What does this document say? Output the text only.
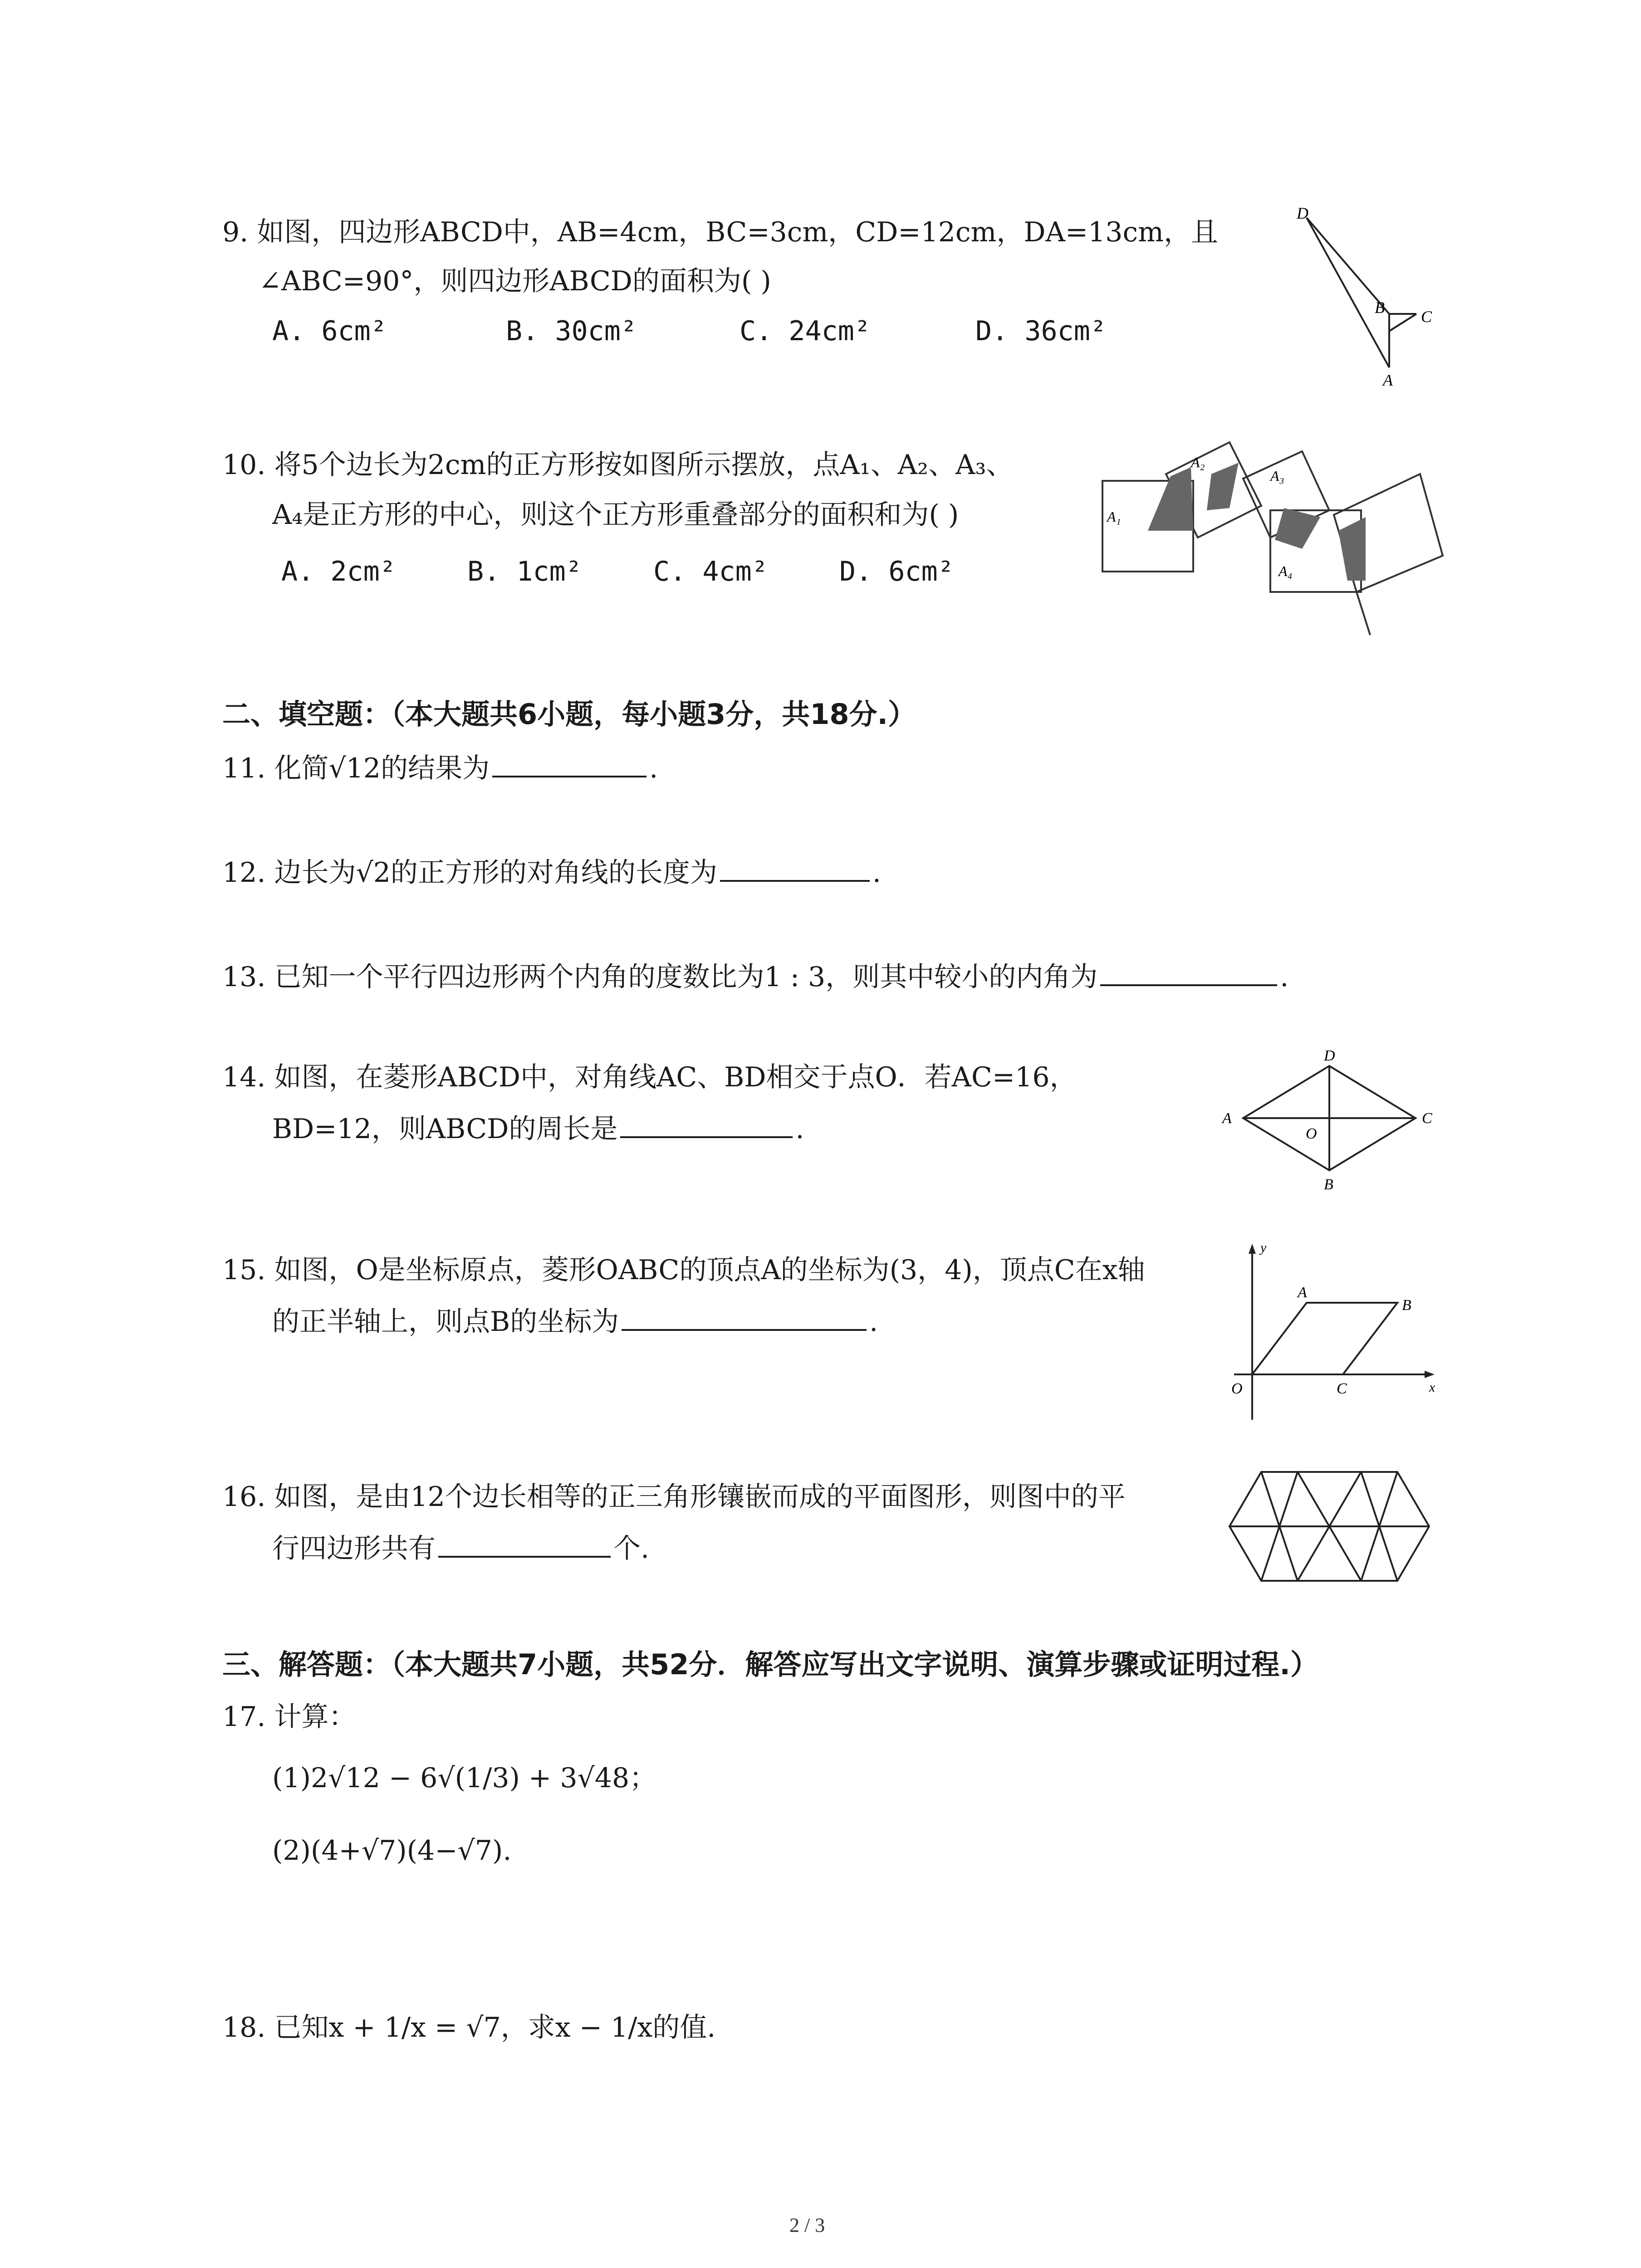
9. 如图，四边形ABCD中，AB=4cm，BC=3cm，CD=12cm，DA=13cm，且
∠ABC=90°，则四边形ABCD的面积为( )
A. 6cm²	B. 30cm²	C. 24cm²	D. 36cm²
D
B C
A
10. 将5个边长为2cm的正方形按如图所示摆放，点A₁、A₂、A₃、
A₄是正方形的中心，则这个正方形重叠部分的面积和为( )
A. 2cm²	B. 1cm²	C. 4cm²	D. 6cm²
A₁
A₂
A₃
A₄
二、填空题：（本大题共6小题，每小题3分，共18分.）
11. 化简√12的结果为	.
12. 边长为√2的正方形的对角线的长度为	.
13. 已知一个平行四边形两个内角的度数比为1 : 3，则其中较小的内角为	.
14. 如图，在菱形ABCD中，对角线AC、BD相交于点O．若AC=16，
BD=12，则ABCD的周长是	.
D
A
O
C
B
15. 如图，O是坐标原点，菱形OABC的顶点A的坐标为(3，4)，顶点C在x轴
的正半轴上，则点B的坐标为	.
y
A
B
O	C	x
16. 如图，是由12个边长相等的正三角形镶嵌而成的平面图形，则图中的平
行四边形共有	个.
三、解答题：（本大题共7小题，共52分．解答应写出文字说明、演算步骤或证明过程.）
17. 计算：
(1)2√12 − 6√(1/3) + 3√48；
(2)(4+√7)(4−√7).
18. 已知x + 1/x = √7，求x − 1/x的值.
2 / 3
